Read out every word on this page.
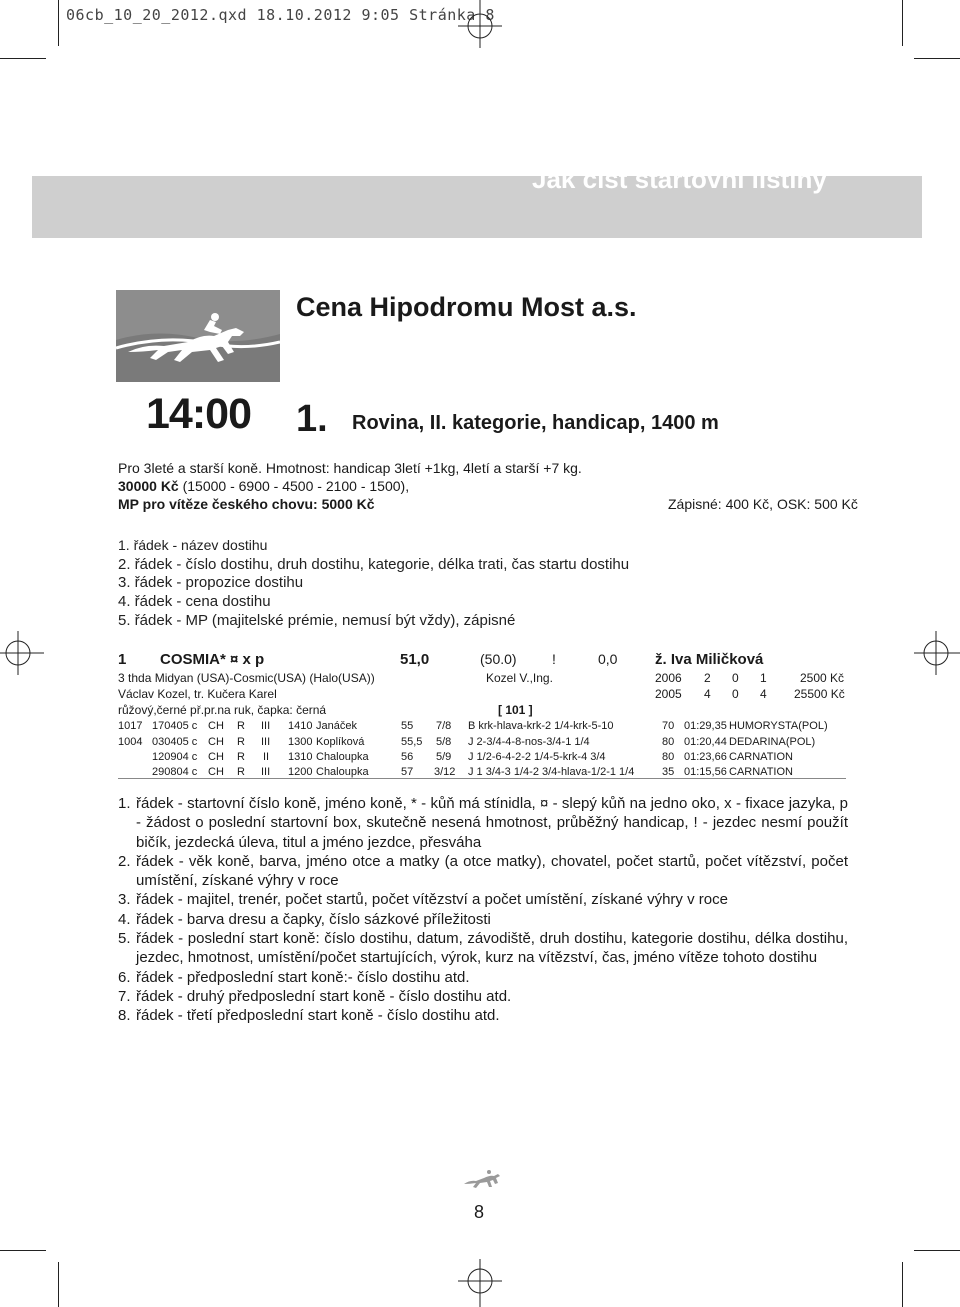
06cb_10_20_2012.qxd 18.10.2012 9:05 Stránka 8
Jak číst startovní listiny
Cena Hipodromu Most a.s.
14:00 1. Rovina, II. kategorie, handicap, 1400 m
Pro 3leté a starší koně. Hmotnost: handicap 3letí +1kg, 4letí a starší +7 kg.
30000 Kč (15000 - 6900 - 4500 - 2100 - 1500),
MP pro vítěze českého chovu: 5000 Kč	Zápisné: 400 Kč, OSK: 500 Kč
1. řádek - název dostihu
2. řádek - číslo dostihu, druh dostihu, kategorie, délka trati, čas startu dostihu
3. řádek - propozice dostihu
4. řádek - cena dostihu
5. řádek - MP (majitelské prémie, nemusí být vždy), zápisné
1 COSMIA* ¤ x p	51,0	(50.0)	!	0,0	ž. Iva Miličková
3 thda Midyan (USA)-Cosmic(USA) (Halo(USA))	Kozel V.,Ing.	2006 2 0 1	2500 Kč
Václav Kozel, tr. Kučera Karel	2005 4 0 4 25500 Kč
růžový,černé př.pr.na ruk, čapka: černá	[ 101 ]
1017 170405 c CH R III 1410 Janáček	55 7/8 B krk-hlava-krk-2 1/4-krk-5-10	70 01:29,35 HUMORYSTA(POL)
1004 030405 c CH R III 1300 Koplíková	55,5 5/8 J 2-3/4-4-8-nos-3/4-1 1/4	80 01:20,44 DEDARINA(POL)
120904 c CH R II 1310 Chaloupka	56 5/9 J 1/2-6-4-2-2 1/4-5-krk-4 3/4	80 01:23,66 CARNATION
290804 c CH R III 1200 Chaloupka	57 3/12 J 1 3/4-3 1/4-2 3/4-hlava-1/2-1 1/4	35 01:15,56 CARNATION
1. řádek - startovní číslo koně, jméno koně, * - kůň má stínidla, ¤ - slepý kůň na jedno oko, x - fixace jazyka, p - žádost o poslední startovní box, skutečně nesená hmotnost, průběžný handicap, ! - jezdec nesmí použít bičík, jezdecká úleva, titul a jméno jezdce, přesváha
2. řádek - věk koně, barva, jméno otce a matky (a otce matky), chovatel, počet startů, počet vítězství, počet umístění, získané výhry v roce
3. řádek - majitel, trenér, počet startů, počet vítězství a počet umístění, získané výhry v roce
4. řádek - barva dresu a čapky, číslo sázkové příležitosti
5. řádek - poslední start koně: číslo dostihu, datum, závodiště, druh dostihu, kategorie dostihu, délka dostihu, jezdec, hmotnost, umístění/počet startujících, výrok, kurz na vítězství, čas, jméno vítěze tohoto dostihu
6. řádek - předposlední start koně:- číslo dostihu atd.
7. řádek - druhý předposlední start koně - číslo dostihu atd.
8. řádek - třetí předposlední start koně - číslo dostihu atd.
8
